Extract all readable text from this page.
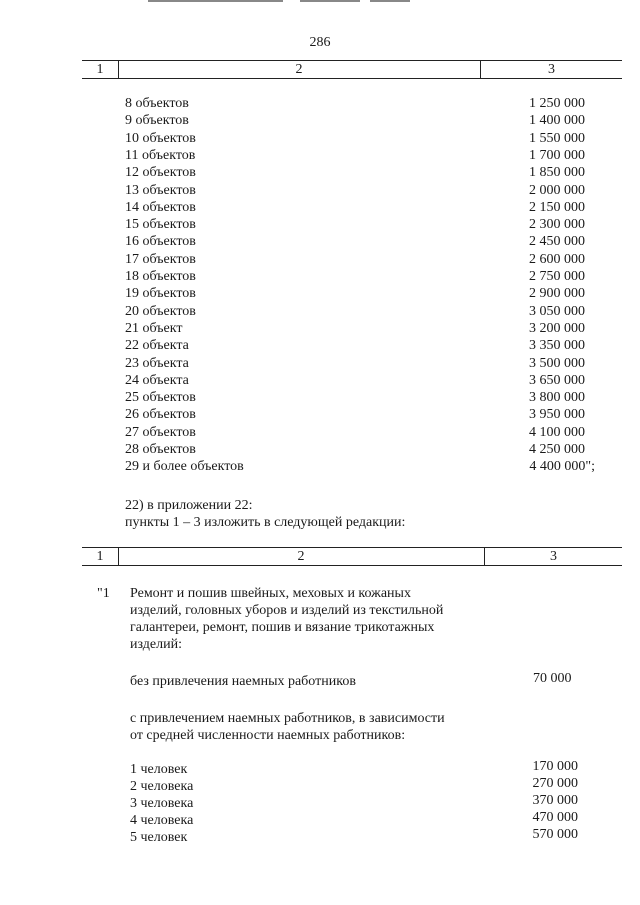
286
1	2	3
8 объектов	1 250 000
9 объектов	1 400 000
10 объектов	1 550 000
11 объектов	1 700 000
12 объектов	1 850 000
13 объектов	2 000 000
14 объектов	2 150 000
15 объектов	2 300 000
16 объектов	2 450 000
17 объектов	2 600 000
18 объектов	2 750 000
19 объектов	2 900 000
20 объектов	3 050 000
21 объект	3 200 000
22 объекта	3 350 000
23 объекта	3 500 000
24 объекта	3 650 000
25 объектов	3 800 000
26 объектов	3 950 000
27 объектов	4 100 000
28 объектов	4 250 000
29 и более объектов	4 400 000";
22) в приложении 22:
пункты 1 – 3 изложить в следующей редакции:
1	2	3
"1 Ремонт и пошив швейных, меховых и кожаных
изделий, головных уборов и изделий из текстильной
галантереи, ремонт, пошив и вязание трикотажных
изделий:
без привлечения наемных работников	70 000
с привлечением наемных работников, в зависимости
от средней численности наемных работников:
1 человек	170 000
2 человека	270 000
3 человека	370 000
4 человека	470 000
5 человек	570 000
